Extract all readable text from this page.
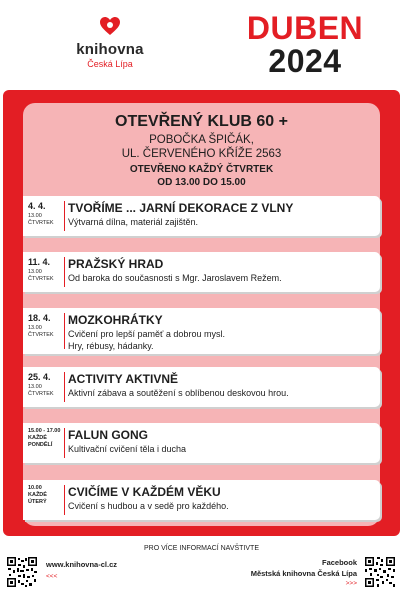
knihovna
Česká Lípa
DUBEN
2024
OTEVŘENÝ KLUB 60 +
POBOČKA ŠPIČÁK,
UL. ČERVENÉHO KŘÍŽE 2563
OTEVŘENO KAŽDÝ ČTVRTEK
OD 13.00 DO 15.00
4. 4.
13.00
ČTVRTEK
TVOŘÍME ... JARNÍ DEKORACE Z VLNY
Výtvarná dílna, materiál zajištěn.
11. 4.
13.00
ČTVRTEK
PRAŽSKÝ HRAD
Od baroka do současnosti s Mgr. Jaroslavem Režem.
18. 4.
13.00
ČTVRTEK
MOZKOHRÁTKY
Cvičení pro lepší paměť a dobrou mysl.
Hry, rébusy, hádanky.
25. 4.
13.00
ČTVRTEK
ACTIVITY AKTIVNĚ
Aktivní zábava a soutěžení s oblíbenou deskovou hrou.
15.00 - 17.00
KAŽDÉ
PONDĚLÍ
FALUN GONG
Kultivační cvičení těla i ducha
10.00
KAŽDÉ
ÚTERÝ
CVIČÍME V KAŽDÉM VĚKU
Cvičení s hudbou a v sedě pro každého.
PRO VÍCE INFORMACÍ NAVŠTIVTE
www.knihovna-cl.cz
<<<
Facebook
Městská knihovna Česká Lípa
>>>
